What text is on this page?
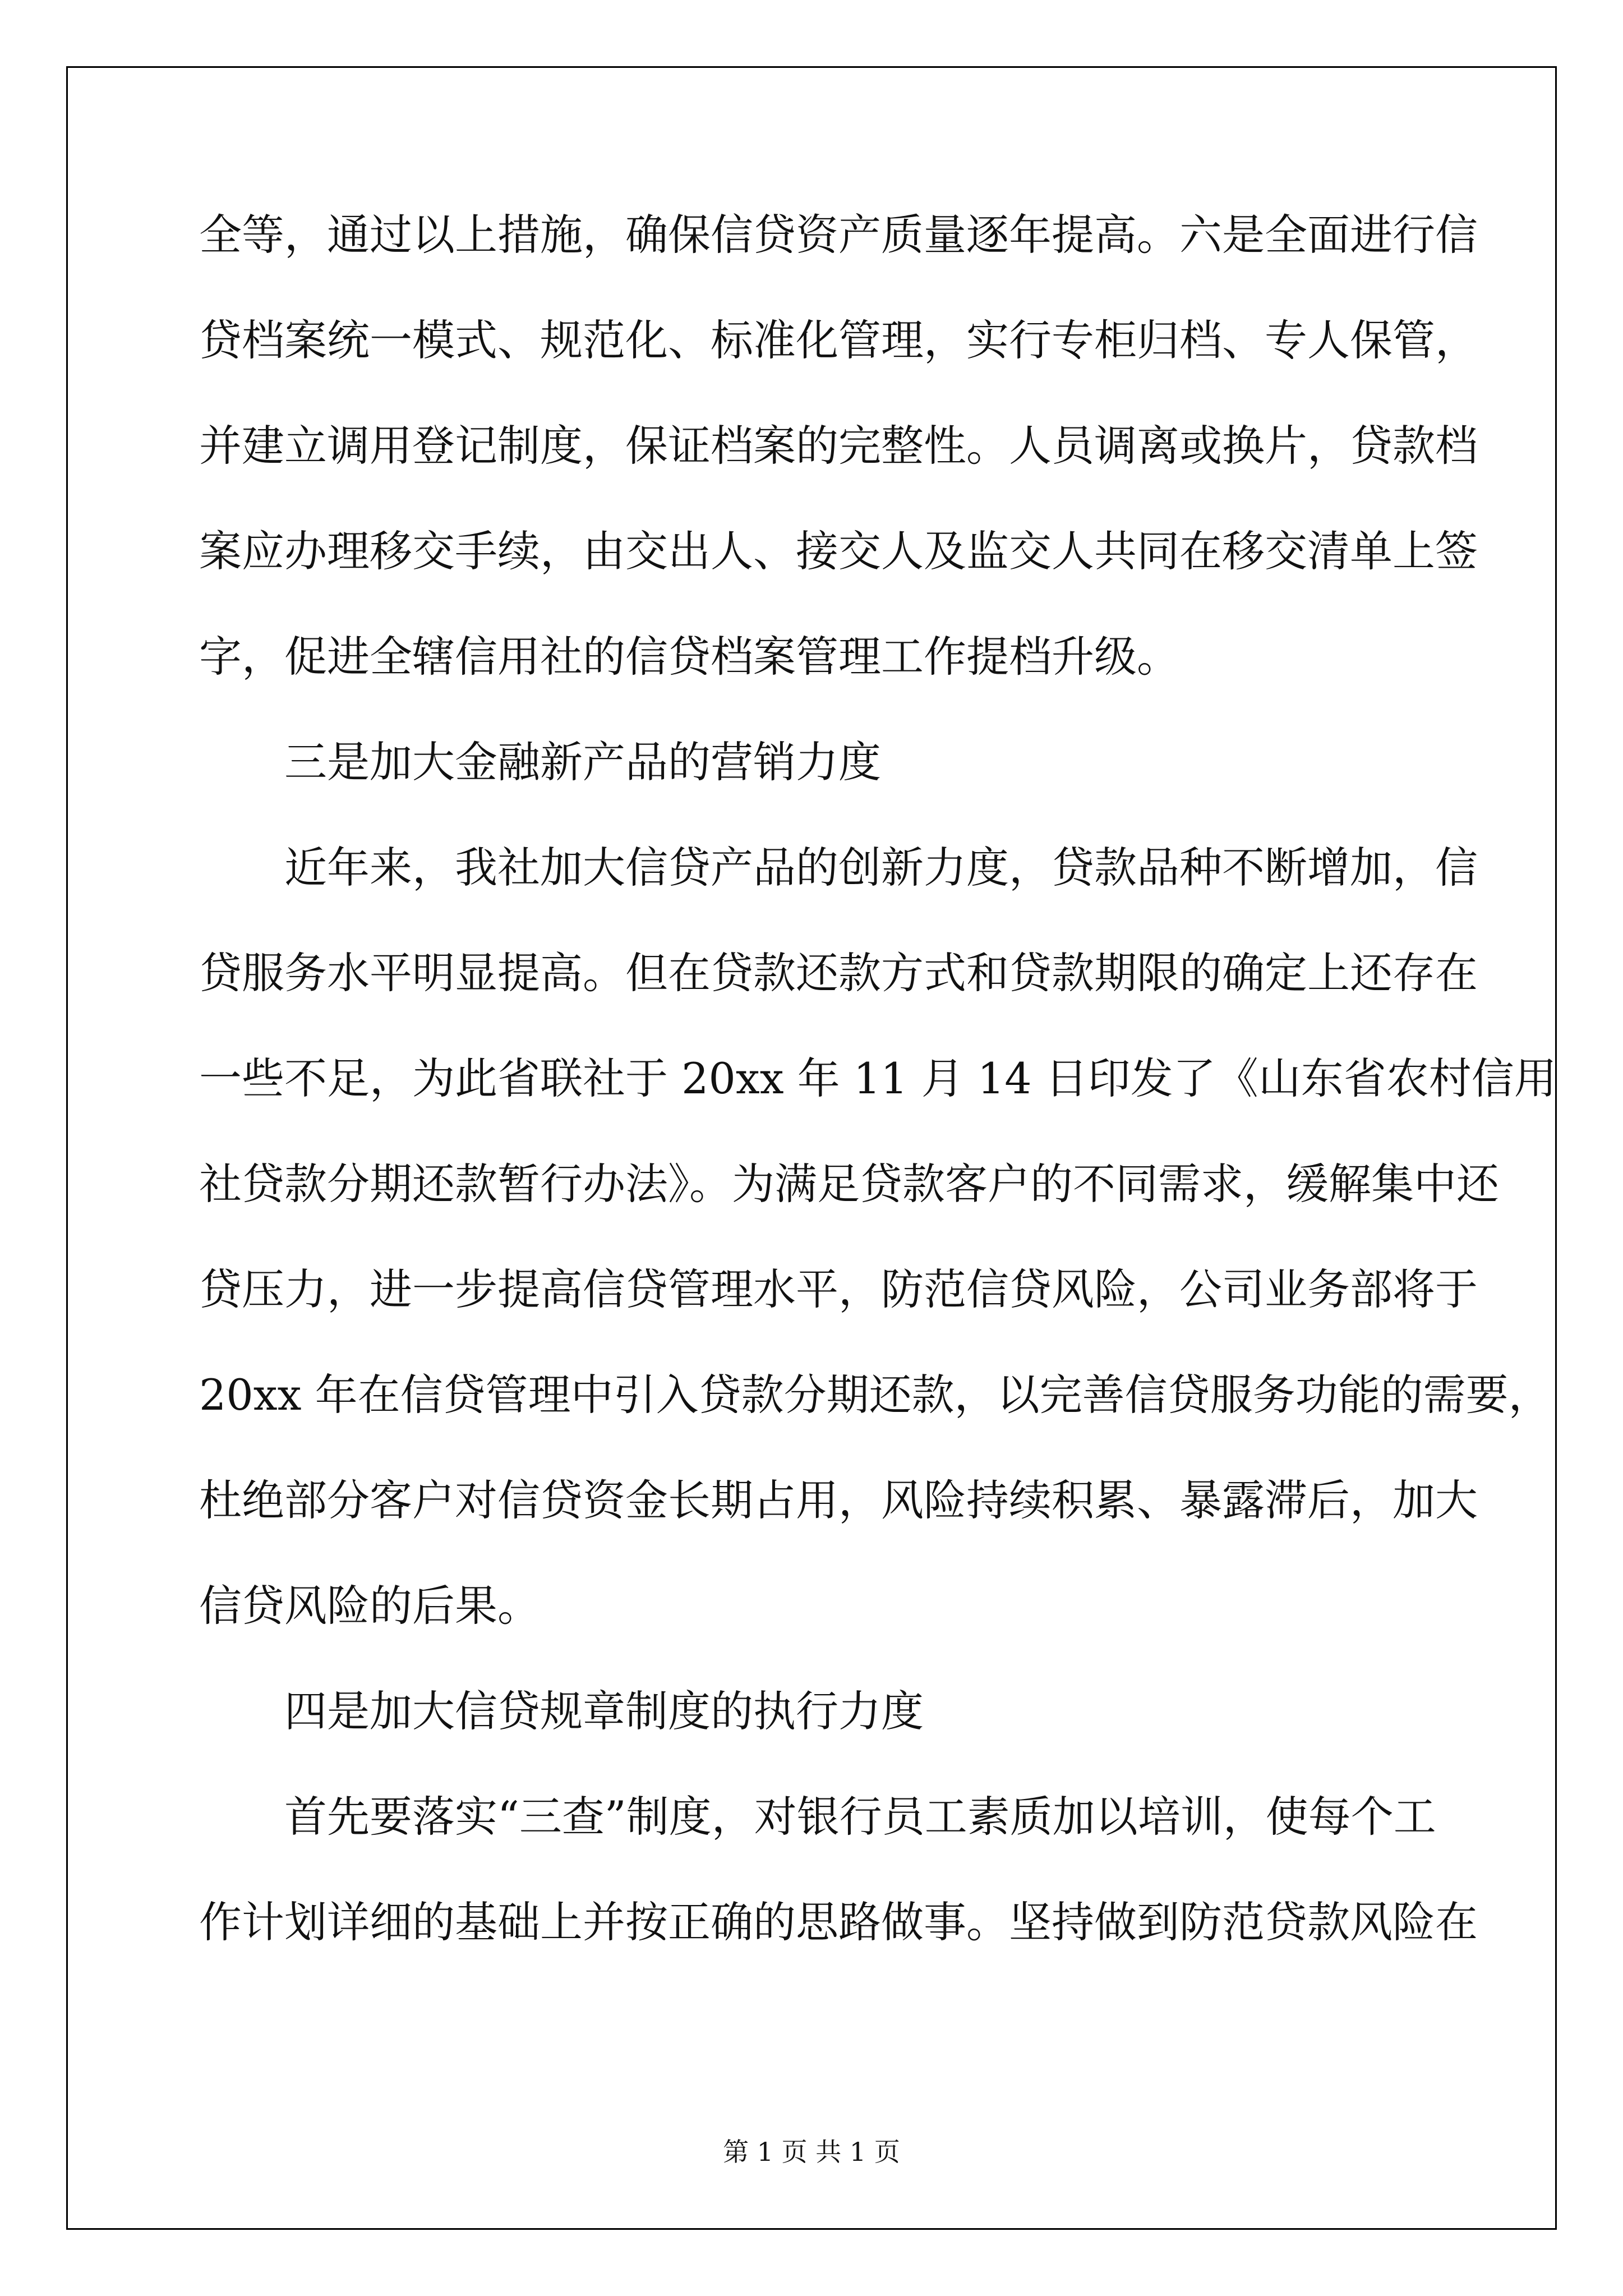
全等，通过以上措施，确保信贷资产质量逐年提高。六是全面进行信
贷档案统一模式、规范化、标准化管理，实行专柜归档、专人保管，
并建立调用登记制度，保证档案的完整性。人员调离或换片，贷款档
案应办理移交手续，由交出人、接交人及监交人共同在移交清单上签
字，促进全辖信用社的信贷档案管理工作提档升级。
三是加大金融新产品的营销力度
近年来，我社加大信贷产品的创新力度，贷款品种不断增加，信
贷服务水平明显提高。但在贷款还款方式和贷款期限的确定上还存在
一些不足，为此省联社于 20xx 年 11 月 14 日印发了《山东省农村信用
社贷款分期还款暂行办法》。为满足贷款客户的不同需求，缓解集中还
贷压力，进一步提高信贷管理水平，防范信贷风险，公司业务部将于
20xx 年在信贷管理中引入贷款分期还款，以完善信贷服务功能的需要，
杜绝部分客户对信贷资金长期占用，风险持续积累、暴露滞后，加大
信贷风险的后果。
四是加大信贷规章制度的执行力度
首先要落实“三查”制度，对银行员工素质加以培训，使每个工
作计划详细的基础上并按正确的思路做事。坚持做到防范贷款风险在
第 1 页 共 1 页
